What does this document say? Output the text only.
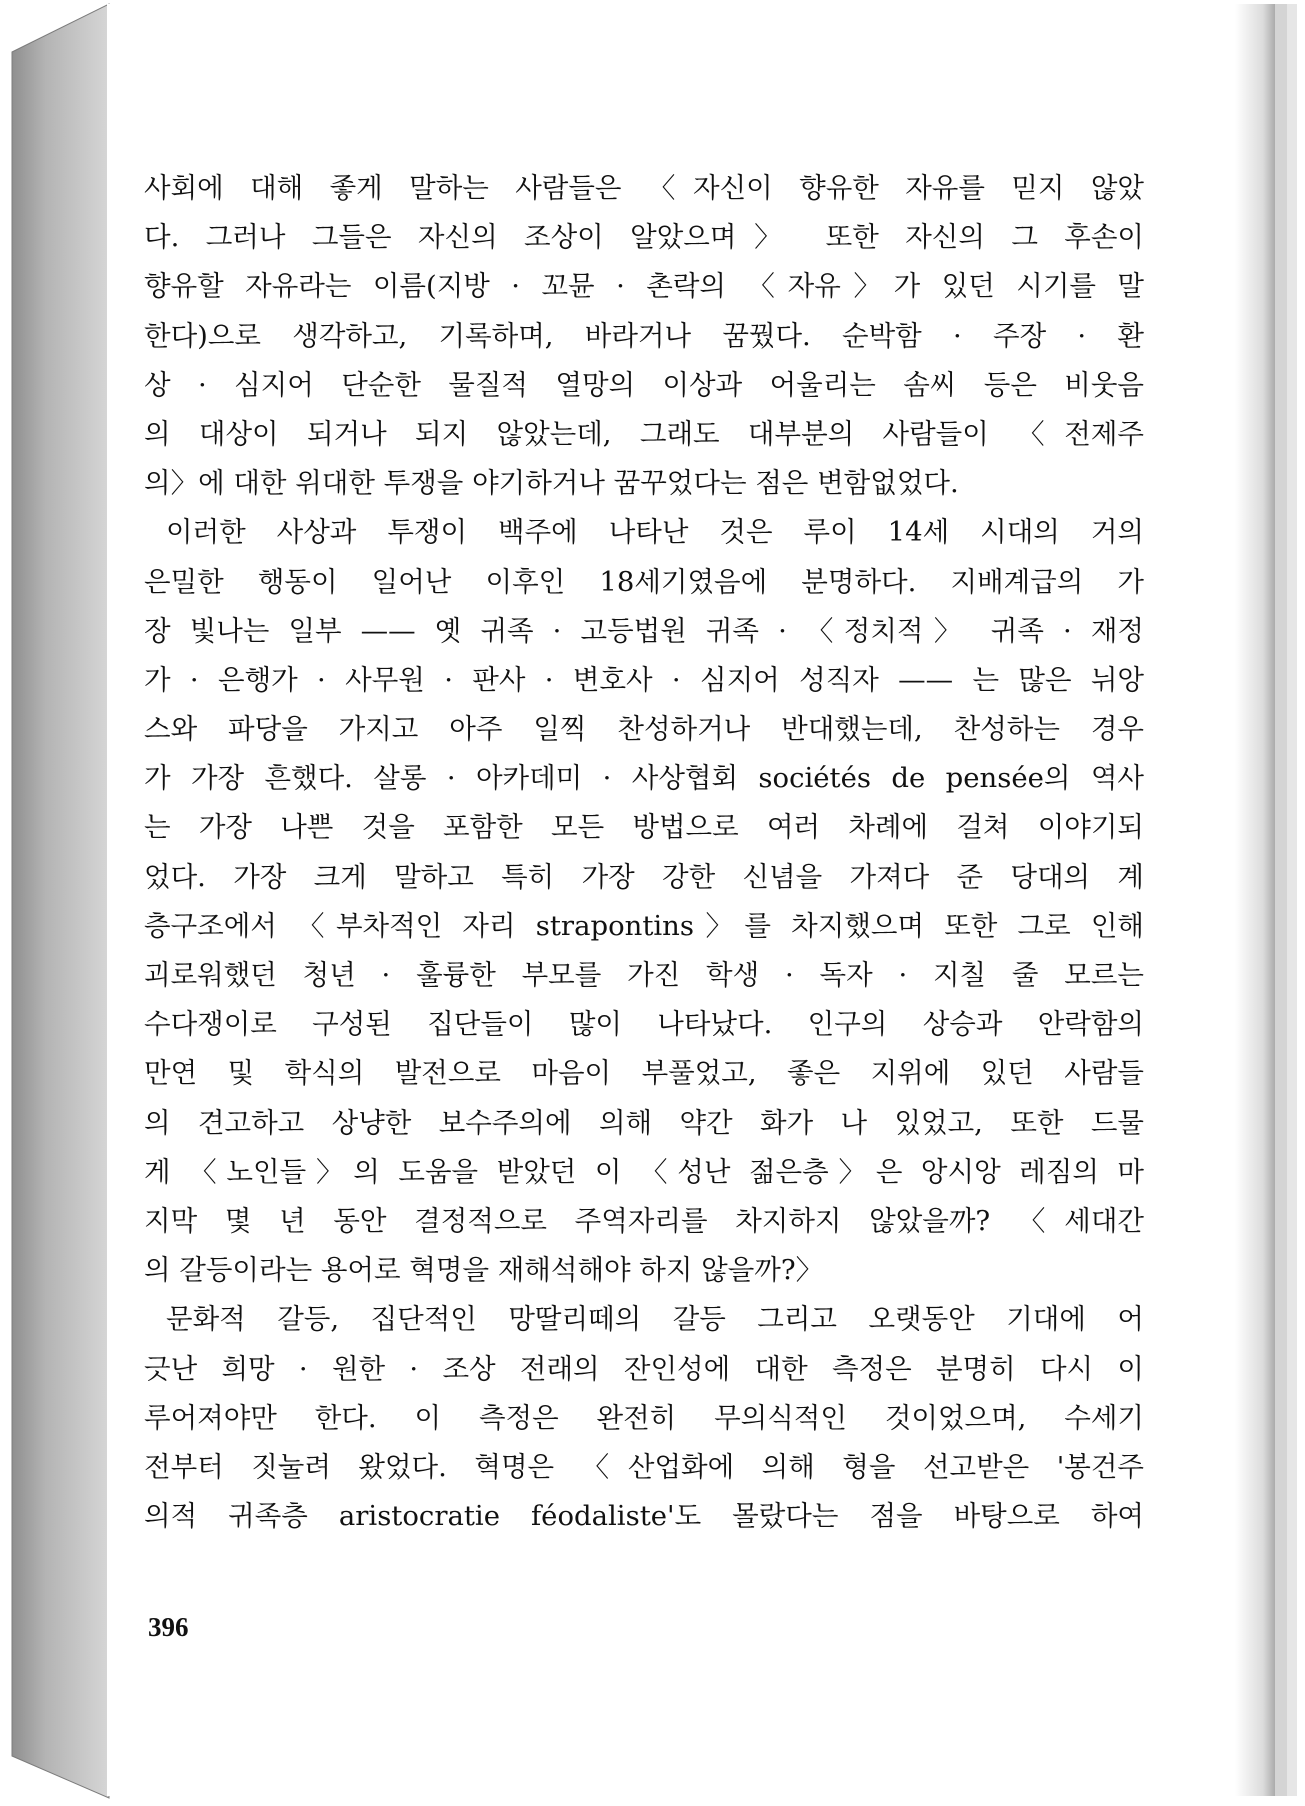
사회에 대해 좋게 말하는 사람들은 〈자신이 향유한 자유를 믿지 않았
다. 그러나 그들은 자신의 조상이 알았으며〉 또한 자신의 그 후손이
향유할 자유라는 이름(지방 · 꼬뮨 · 촌락의 〈자유〉가 있던 시기를 말
한다)으로 생각하고, 기록하며, 바라거나 꿈꿨다. 순박함 · 주장 · 환
상 · 심지어 단순한 물질적 열망의 이상과 어울리는 솜씨 등은 비웃음
의 대상이 되거나 되지 않았는데, 그래도 대부분의 사람들이 〈전제주
의〉에 대한 위대한 투쟁을 야기하거나 꿈꾸었다는 점은 변함없었다.
이러한 사상과 투쟁이 백주에 나타난 것은 루이 14세 시대의 거의
은밀한 행동이 일어난 이후인 18세기였음에 분명하다. 지배계급의 가
장 빛나는 일부 —— 옛 귀족 · 고등법원 귀족 · 〈정치적〉 귀족 · 재정
가 · 은행가 · 사무원 · 판사 · 변호사 · 심지어 성직자 —— 는 많은 뉘앙
스와 파당을 가지고 아주 일찍 찬성하거나 반대했는데, 찬성하는 경우
가 가장 흔했다. 살롱 · 아카데미 · 사상협회 sociétés de pensée의 역사
는 가장 나쁜 것을 포함한 모든 방법으로 여러 차례에 걸쳐 이야기되
었다. 가장 크게 말하고 특히 가장 강한 신념을 가져다 준 당대의 계
층구조에서 〈부차적인 자리 strapontins〉를 차지했으며 또한 그로 인해
괴로워했던 청년 · 훌륭한 부모를 가진 학생 · 독자 · 지칠 줄 모르는
수다쟁이로 구성된 집단들이 많이 나타났다. 인구의 상승과 안락함의
만연 및 학식의 발전으로 마음이 부풀었고, 좋은 지위에 있던 사람들
의 견고하고 상냥한 보수주의에 의해 약간 화가 나 있었고, 또한 드물
게 〈노인들〉의 도움을 받았던 이 〈성난 젊은층〉은 앙시앙 레짐의 마
지막 몇 년 동안 결정적으로 주역자리를 차지하지 않았을까? 〈세대간
의 갈등이라는 용어로 혁명을 재해석해야 하지 않을까?〉
문화적 갈등, 집단적인 망딸리떼의 갈등 그리고 오랫동안 기대에 어
긋난 희망 · 원한 · 조상 전래의 잔인성에 대한 측정은 분명히 다시 이
루어져야만 한다. 이 측정은 완전히 무의식적인 것이었으며, 수세기
전부터 짓눌려 왔었다. 혁명은 〈산업화에 의해 형을 선고받은 '봉건주
의적 귀족층 aristocratie féodaliste'도 몰랐다는 점을 바탕으로 하여
396
